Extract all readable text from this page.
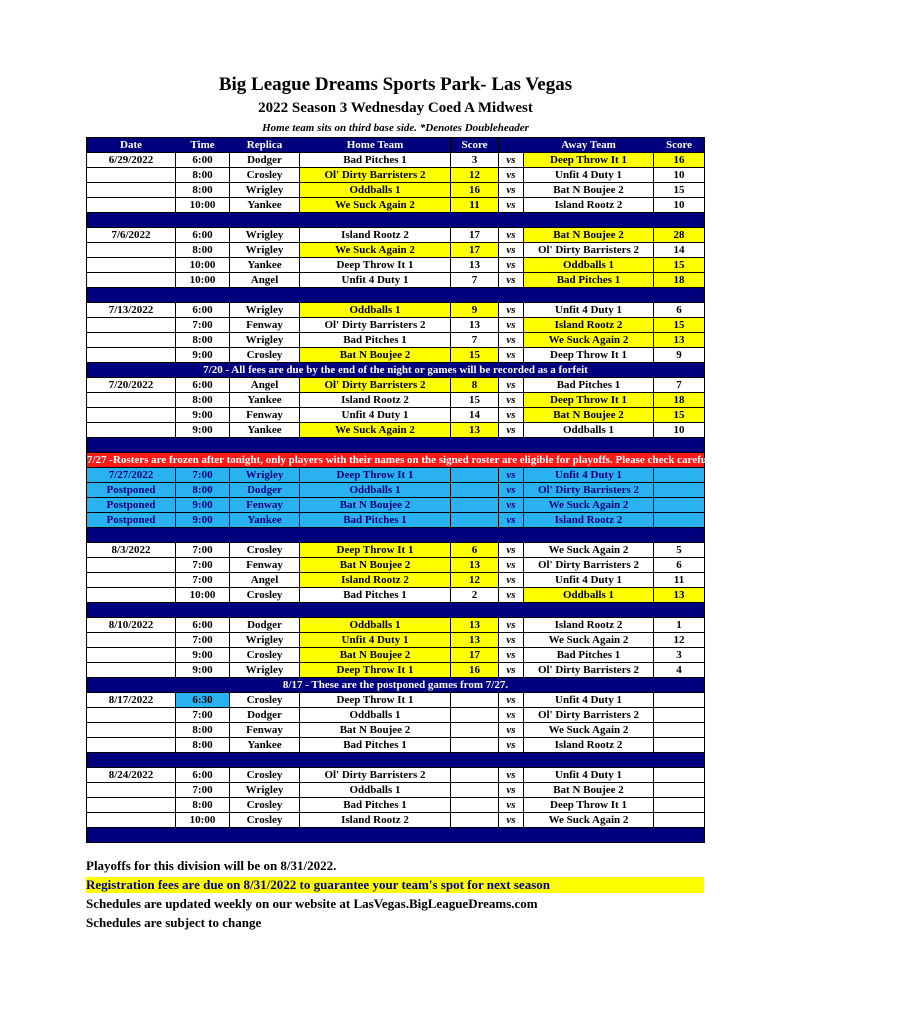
Big League Dreams Sports Park- Las Vegas
2022 Season 3 Wednesday Coed A Midwest
Home team sits on third base side. *Denotes Doubleheader
Date	Time	Replica	Home Team	Score		Away Team	Score
6/29/2022	6:00	Dodger	Bad Pitches 1	3	vs	Deep Throw It 1	16
	8:00	Crosley	Ol' Dirty Barristers 2	12	vs	Unfit 4 Duty 1	10
	8:00	Wrigley	Oddballs 1	16	vs	Bat N Boujee 2	15
	10:00	Yankee	We Suck Again 2	11	vs	Island Rootz 2	10

7/6/2022	6:00	Wrigley	Island Rootz 2	17	vs	Bat N Boujee 2	28
	8:00	Wrigley	We Suck Again 2	17	vs	Ol' Dirty Barristers 2	14
	10:00	Yankee	Deep Throw It 1	13	vs	Oddballs 1	15
	10:00	Angel	Unfit 4 Duty 1	7	vs	Bad Pitches 1	18

7/13/2022	6:00	Wrigley	Oddballs 1	9	vs	Unfit 4 Duty 1	6
	7:00	Fenway	Ol' Dirty Barristers 2	13	vs	Island Rootz 2	15
	8:00	Wrigley	Bad Pitches 1	7	vs	We Suck Again 2	13
	9:00	Crosley	Bat N Boujee 2	15	vs	Deep Throw It 1	9
7/20 - All fees are due by the end of the night or games will be recorded as a forfeit							
7/20/2022	6:00	Angel	Ol' Dirty Barristers 2	8	vs	Bad Pitches 1	7
	8:00	Yankee	Island Rootz 2	15	vs	Deep Throw It 1	18
	9:00	Fenway	Unfit 4 Duty 1	14	vs	Bat N Boujee 2	15
	9:00	Yankee	We Suck Again 2	13	vs	Oddballs 1	10

7/27 -Rosters are frozen after tonight, only players with their names on the signed roster are eligible for playoffs. Please check carefully as changes will not be made for omissions.							
7/27/2022	7:00	Wrigley	Deep Throw It 1		vs	Unfit 4 Duty 1	
Postponed	8:00	Dodger	Oddballs 1		vs	Ol' Dirty Barristers 2	
Postponed	9:00	Fenway	Bat N Boujee 2		vs	We Suck Again 2	
Postponed	9:00	Yankee	Bad Pitches 1		vs	Island Rootz 2	

8/3/2022	7:00	Crosley	Deep Throw It 1	6	vs	We Suck Again 2	5
	7:00	Fenway	Bat N Boujee 2	13	vs	Ol' Dirty Barristers 2	6
	7:00	Angel	Island Rootz 2	12	vs	Unfit 4 Duty 1	11
	10:00	Crosley	Bad Pitches 1	2	vs	Oddballs 1	13

8/10/2022	6:00	Dodger	Oddballs 1	13	vs	Island Rootz 2	1
	7:00	Wrigley	Unfit 4 Duty 1	13	vs	We Suck Again 2	12
	9:00	Crosley	Bat N Boujee 2	17	vs	Bad Pitches 1	3
	9:00	Wrigley	Deep Throw It 1	16	vs	Ol' Dirty Barristers 2	4
8/17 - These are the postponed games from 7/27.							
8/17/2022	6:30	Crosley	Deep Throw It 1		vs	Unfit 4 Duty 1	
	7:00	Dodger	Oddballs 1		vs	Ol' Dirty Barristers 2	
	8:00	Fenway	Bat N Boujee 2		vs	We Suck Again 2	
	8:00	Yankee	Bad Pitches 1		vs	Island Rootz 2	

8/24/2022	6:00	Crosley	Ol' Dirty Barristers 2		vs	Unfit 4 Duty 1	
	7:00	Wrigley	Oddballs 1		vs	Bat N Boujee 2	
	8:00	Crosley	Bad Pitches 1		vs	Deep Throw It 1	
	10:00	Crosley	Island Rootz 2		vs	We Suck Again 2	

Playoffs for this division will be on 8/31/2022.
Registration fees are due on 8/31/2022 to guarantee your team's spot for next season
Schedules are updated weekly on our website at LasVegas.BigLeagueDreams.com
Schedules are subject to change
